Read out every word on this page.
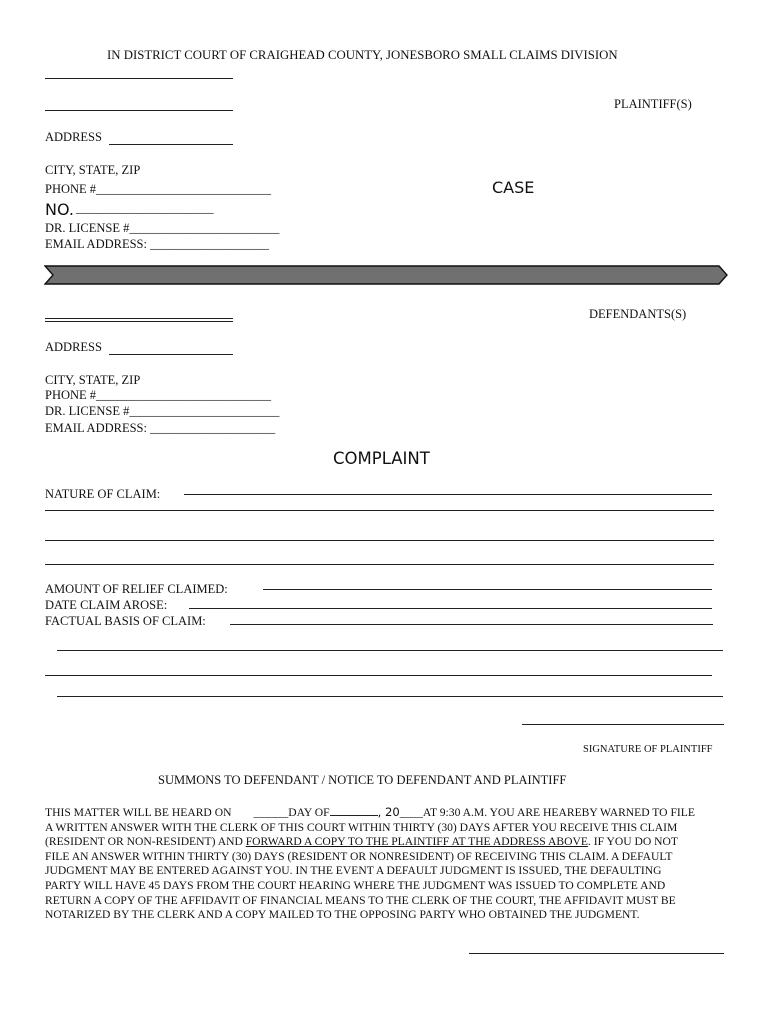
IN DISTRICT COURT OF CRAIGHEAD COUNTY, JONESBORO SMALL CLAIMS DIVISION
PLAINTIFF(S)
ADDRESS
CITY, STATE, ZIP
PHONE #____________________________
NO. ______________________
DR. LICENSE #________________________
EMAIL ADDRESS: ___________________
CASE
DEFENDANTS(S)
ADDRESS
CITY, STATE, ZIP
PHONE #____________________________
DR. LICENSE #________________________
EMAIL ADDRESS: ____________________
COMPLAINT
NATURE OF CLAIM:
AMOUNT OF RELIEF CLAIMED:
DATE CLAIM AROSE:
FACTUAL BASIS OF CLAIM:
SIGNATURE OF PLAINTIFF
SUMMONS TO DEFENDANT / NOTICE TO DEFENDANT AND PLAINTIFF
THIS MATTER WILL BE HEARD ON ______DAY OF	, 20____AT 9:30 A.M. YOU ARE HEAREBY WARNED TO FILE
A WRITTEN ANSWER WITH THE CLERK OF THIS COURT WITHIN THIRTY (30) DAYS AFTER YOU RECEIVE THIS CLAIM
(RESIDENT OR NON-RESIDENT) AND FORWARD A COPY TO THE PLAINTIFF AT THE ADDRESS ABOVE. IF YOU DO NOT
FILE AN ANSWER WITHIN THIRTY (30) DAYS (RESIDENT OR NONRESIDENT) OF RECEIVING THIS CLAIM. A DEFAULT
JUDGMENT MAY BE ENTERED AGAINST YOU. IN THE EVENT A DEFAULT JUDGMENT IS ISSUED, THE DEFAULTING
PARTY WILL HAVE 45 DAYS FROM THE COURT HEARING WHERE THE JUDGMENT WAS ISSUED TO COMPLETE AND
RETURN A COPY OF THE AFFIDAVIT OF FINANCIAL MEANS TO THE CLERK OF THE COURT, THE AFFIDAVIT MUST BE
NOTARIZED BY THE CLERK AND A COPY MAILED TO THE OPPOSING PARTY WHO OBTAINED THE JUDGMENT.
